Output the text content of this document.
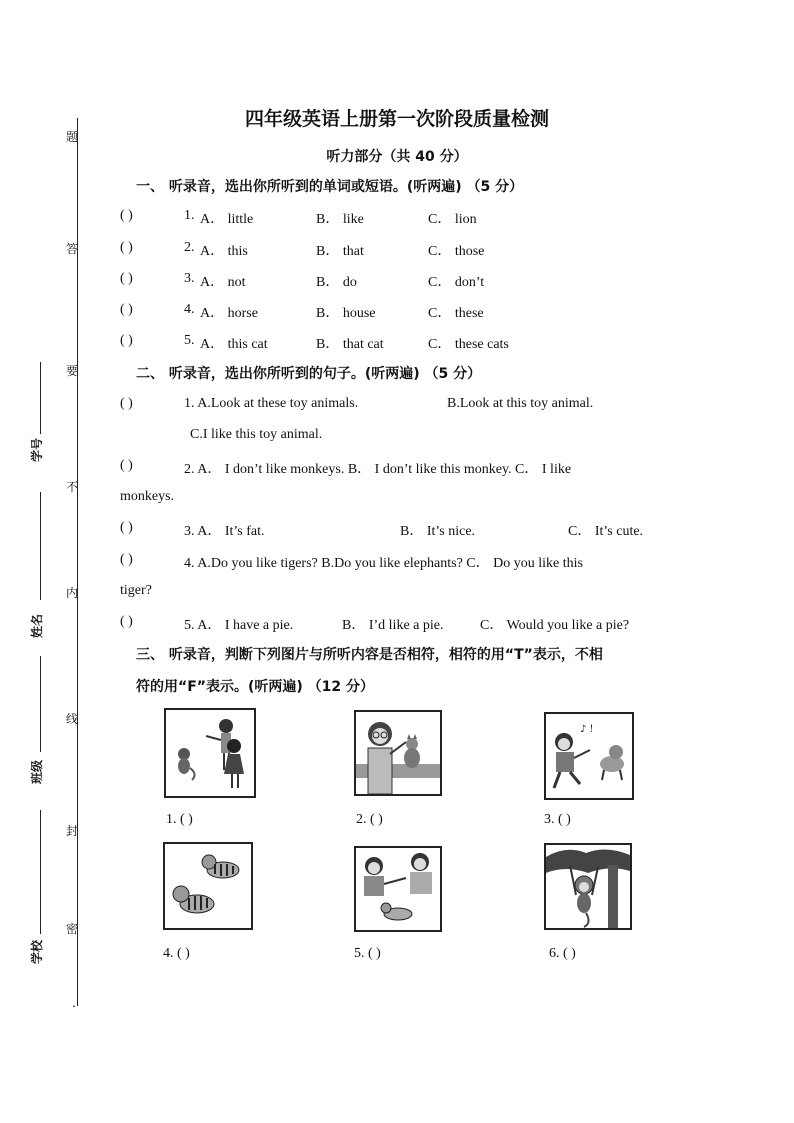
四年级英语上册第一次阶段质量检测
听力部分（共 40 分）
题
答
要
不
内
线
封
密
.
学号
姓名
班级
学校
一、 听录音，选出你所听到的单词或短语。(听两遍) （5 分）
( )	1. A． little	B． like	C． lion
( )	2. A． this	B． that	C． those
( )	3. A． not	B． do	C． don’t
( )	4. A． horse	B． house	C． these
( )	5. A． this cat	B． that cat	C． these cats
二、 听录音，选出你所听到的句子。(听两遍) （5 分）
( )	1. A.Look at these toy animals.	B.Look at this toy animal.
C.I like this toy animal.
( )	2. A． I don’t like monkeys. B． I don’t like this monkey. C． I like
monkeys.
( )	3. A． It’s fat.	B． It’s nice.	C． It’s cute.
( )	4. A.Do you like tigers? B.Do you like elephants? C． Do you like this
tiger?
( )	5. A． I have a pie.	B． I’d like a pie.	C． Would you like a pie?
三、 听录音，判断下列图片与所听内容是否相符，相符的用“T”表示，不相
符的用“F”表示。(听两遍) （12 分）
♪ !
1. ( )	2. ( )	3. ( )
4. ( )	5. ( )	6. ( )
